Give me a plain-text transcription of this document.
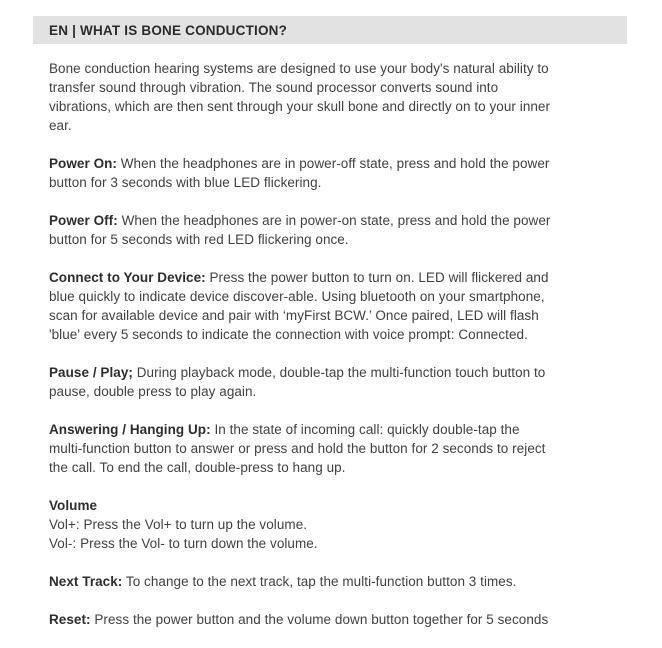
EN | WHAT IS BONE CONDUCTION?
Bone conduction hearing systems are designed to use your body's natural ability to
transfer sound through vibration. The sound processor converts sound into
vibrations, which are then sent through your skull bone and directly on to your inner
ear.
Power On: When the headphones are in power-off state, press and hold the power
button for 3 seconds with blue LED flickering.
Power Off: When the headphones are in power-on state, press and hold the power
button for 5 seconds with red LED flickering once.
Connect to Your Device: Press the power button to turn on. LED will flickered and
blue quickly to indicate device discover-able. Using bluetooth on your smartphone,
scan for available device and pair with ‘myFirst BCW.’ Once paired, LED will flash
'blue' every 5 seconds to indicate the connection with voice prompt: Connected.
Pause / Play; During playback mode, double-tap the multi-function touch button to
pause, double press to play again.
Answering / Hanging Up: In the state of incoming call: quickly double-tap the
multi-function button to answer or press and hold the button for 2 seconds to reject
the call. To end the call, double-press to hang up.
Volume
Vol+: Press the Vol+ to turn up the volume.
Vol-: Press the Vol- to turn down the volume.
Next Track: To change to the next track, tap the multi-function button 3 times.
Reset: Press the power button and the volume down button together for 5 seconds
